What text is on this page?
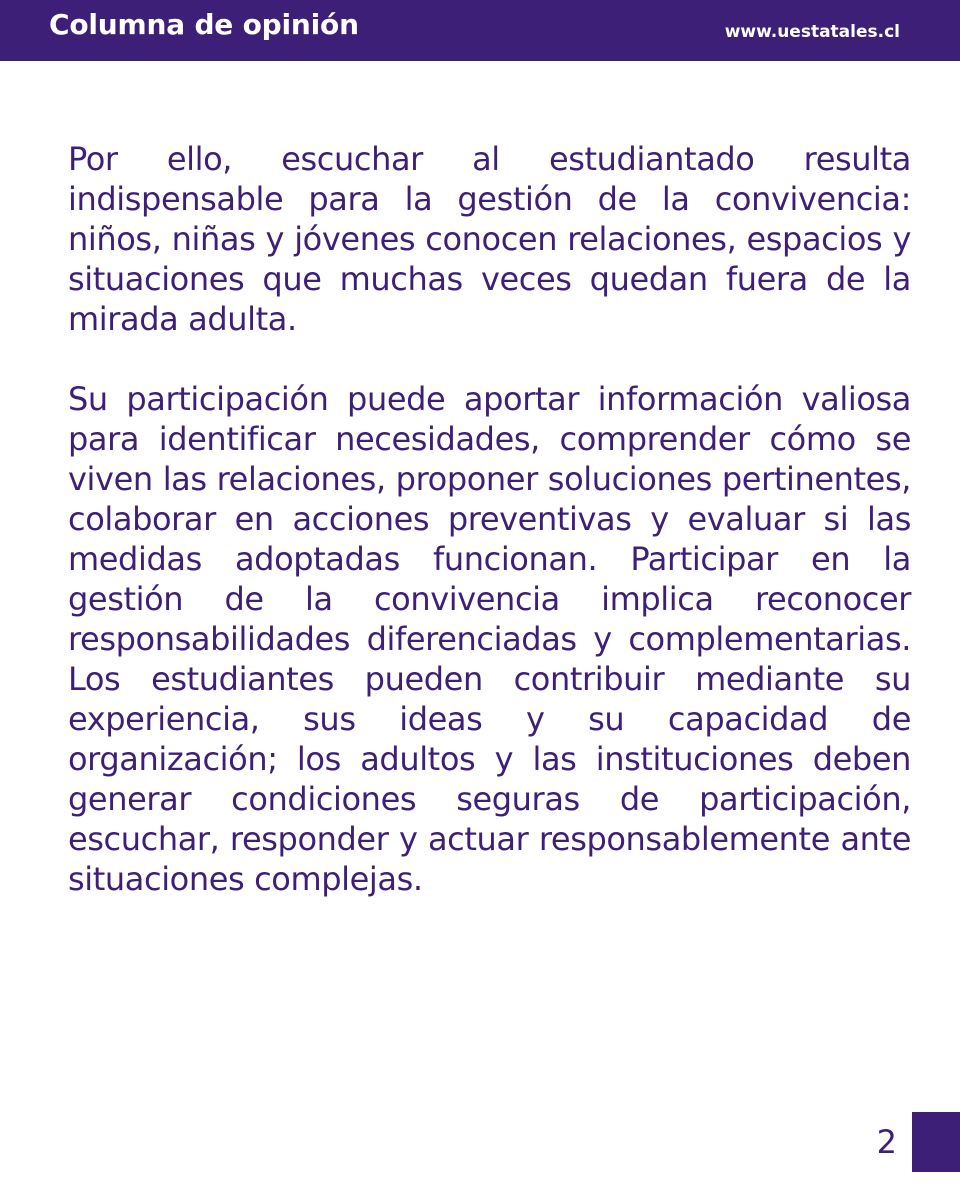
Columna de opinión	www.uestatales.cl

Por ello, escuchar al estudiantado resulta indispensable para la gestión de la convivencia: niños, niñas y jóvenes conocen relaciones, espacios y situaciones que muchas veces quedan fuera de la mirada adulta.

Su participación puede aportar información valiosa para identificar necesidades, comprender cómo se viven las relaciones, proponer soluciones pertinentes, colaborar en acciones preventivas y evaluar si las medidas adoptadas funcionan. Participar en la gestión de la convivencia implica reconocer responsabilidades diferenciadas y complementarias. Los estudiantes pueden contribuir mediante su experiencia, sus ideas y su capacidad de organización; los adultos y las instituciones deben generar condiciones seguras de participación, escuchar, responder y actuar responsablemente ante situaciones complejas.

2
